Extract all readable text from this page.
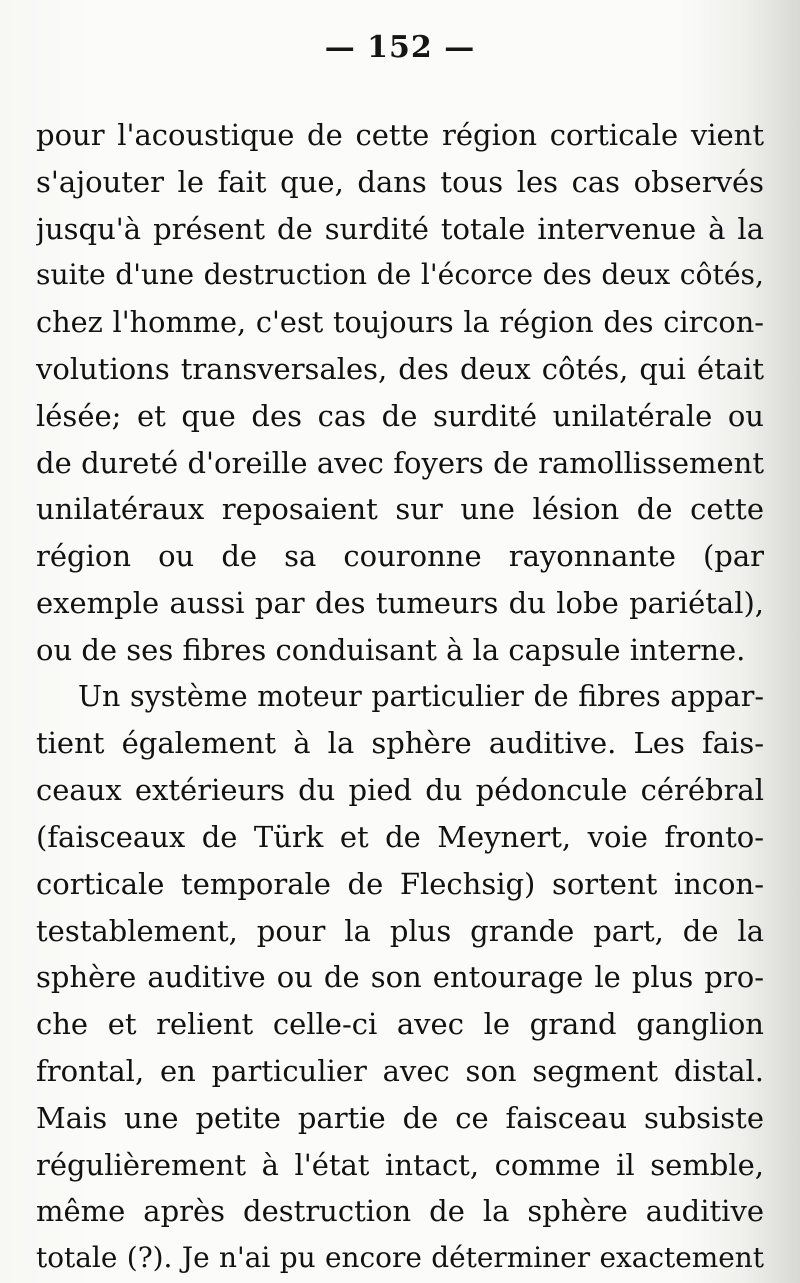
— 152 —
pour l'acoustique de cette région corticale vient
s'ajouter le fait que, dans tous les cas observés
jusqu'à présent de surdité totale intervenue à la
suite d'une destruction de l'écorce des deux côtés,
chez l'homme, c'est toujours la région des circon-
volutions transversales, des deux côtés, qui était
lésée; et que des cas de surdité unilatérale ou
de dureté d'oreille avec foyers de ramollissement
unilatéraux reposaient sur une lésion de cette
région ou de sa couronne rayonnante (par
exemple aussi par des tumeurs du lobe pariétal),
ou de ses fibres conduisant à la capsule interne.
Un système moteur particulier de fibres appar-
tient également à la sphère auditive. Les fais-
ceaux extérieurs du pied du pédoncule cérébral
(faisceaux de Türk et de Meynert, voie fronto-
corticale temporale de Flechsig) sortent incon-
testablement, pour la plus grande part, de la
sphère auditive ou de son entourage le plus pro-
che et relient celle-ci avec le grand ganglion
frontal, en particulier avec son segment distal.
Mais une petite partie de ce faisceau subsiste
régulièrement à l'état intact, comme il semble,
même après destruction de la sphère auditive
totale (?). Je n'ai pu encore déterminer exactement
